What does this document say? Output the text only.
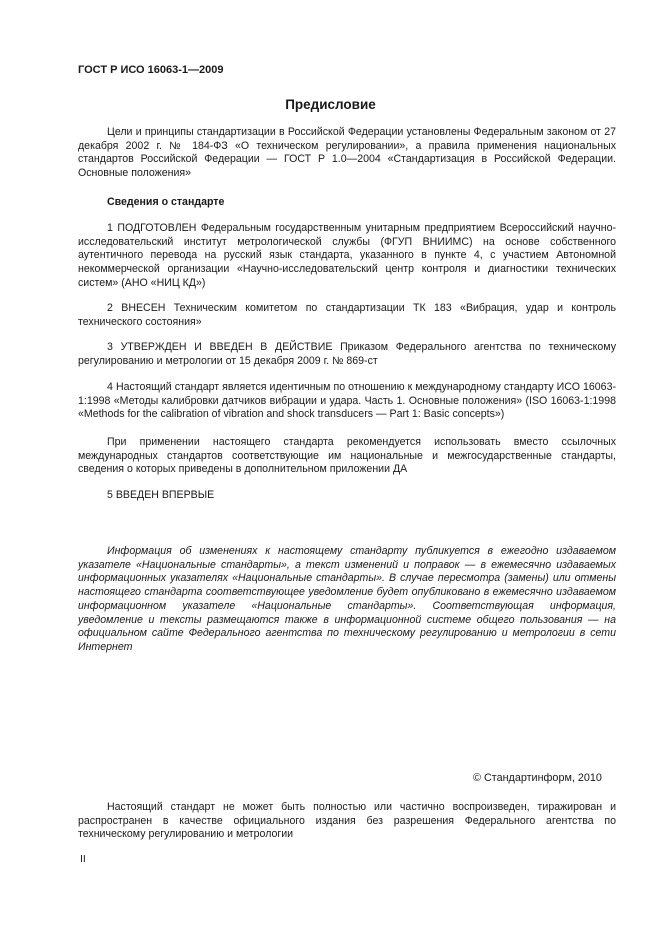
ГОСТ Р ИСО 16063-1—2009
Предисловие

Цели и принципы стандартизации в Российской Федерации установлены Федеральным законом от 27 декабря 2002 г. № 184-ФЗ «О техническом регулировании», а правила применения национальных стандартов Российской Федерации — ГОСТ Р 1.0—2004 «Стандартизация в Российской Федерации. Основные положения»

Сведения о стандарте

1 ПОДГОТОВЛЕН Федеральным государственным унитарным предприятием Всероссийский научно-исследовательский институт метрологической службы (ФГУП ВНИИМС) на основе собственного аутентичного перевода на русский язык стандарта, указанного в пункте 4, с участием Автономной некоммерческой организации «Научно-исследовательский центр контроля и диагностики технических систем» (АНО «НИЦ КД»)

2 ВНЕСЕН Техническим комитетом по стандартизации ТК 183 «Вибрация, удар и контроль технического состояния»

3 УТВЕРЖДЕН И ВВЕДЕН В ДЕЙСТВИЕ Приказом Федерального агентства по техническому регулированию и метрологии от 15 декабря 2009 г. № 869-ст

4 Настоящий стандарт является идентичным по отношению к международному стандарту ИСО 16063-1:1998 «Методы калибровки датчиков вибрации и удара. Часть 1. Основные положения» (ISO 16063-1:1998 «Methods for the calibration of vibration and shock transducers — Part 1: Basic concepts»)

При применении настоящего стандарта рекомендуется использовать вместо ссылочных международных стандартов соответствующие им национальные и межгосударственные стандарты, сведения о которых приведены в дополнительном приложении ДА

5 ВВЕДЕН ВПЕРВЫЕ

Информация об изменениях к настоящему стандарту публикуется в ежегодно издаваемом указателе «Национальные стандарты», а текст изменений и поправок — в ежемесячно издаваемых информационных указателях «Национальные стандарты». В случае пересмотра (замены) или отмены настоящего стандарта соответствующее уведомление будет опубликовано в ежемесячно издаваемом информационном указателе «Национальные стандарты». Соответствующая информация, уведомление и тексты размещаются также в информационной системе общего пользования — на официальном сайте Федерального агентства по техническому регулированию и метрологии в сети Интернет

© Стандартинформ, 2010

Настоящий стандарт не может быть полностью или частично воспроизведен, тиражирован и распространен в качестве официального издания без разрешения Федерального агентства по техническому регулированию и метрологии

II
